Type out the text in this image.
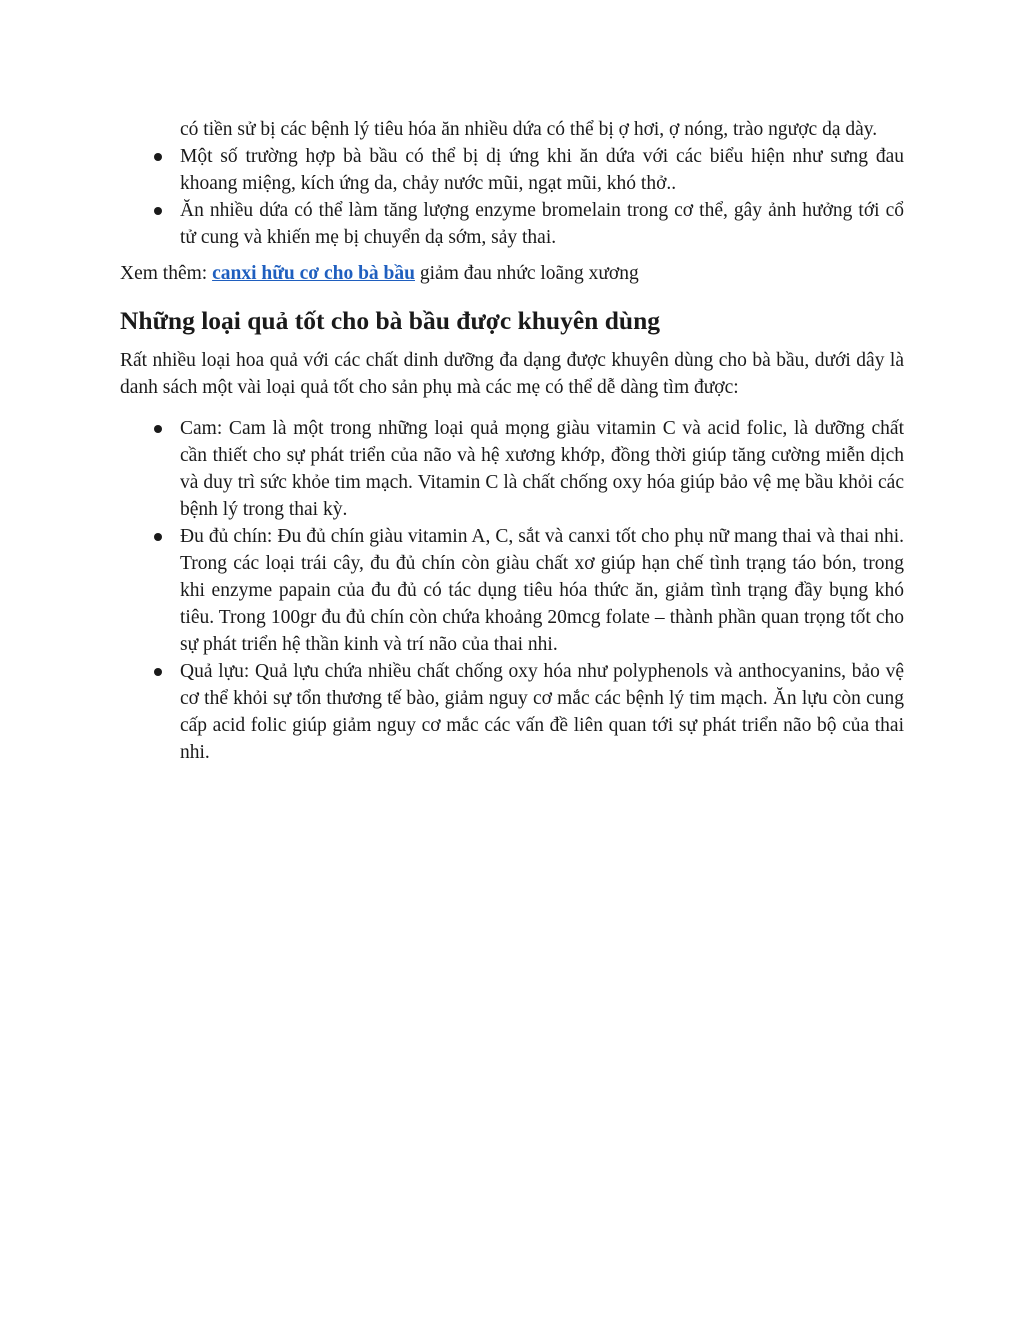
có tiền sử bị các bệnh lý tiêu hóa ăn nhiều dứa có thể bị ợ hơi, ợ nóng, trào ngược dạ dày.
Một số trường hợp bà bầu có thể bị dị ứng khi ăn dứa với các biểu hiện như sưng đau khoang miệng, kích ứng da, chảy nước mũi, ngạt mũi, khó thở..
Ăn nhiều dứa có thể làm tăng lượng enzyme bromelain trong cơ thể, gây ảnh hưởng tới cổ tử cung và khiến mẹ bị chuyển dạ sớm, sảy thai.
Xem thêm: canxi hữu cơ cho bà bầu giảm đau nhức loãng xương
Những loại quả tốt cho bà bầu được khuyên dùng

Rất nhiều loại hoa quả với các chất dinh dưỡng đa dạng được khuyên dùng cho bà bầu, dưới dây là danh sách một vài loại quả tốt cho sản phụ mà các mẹ có thể dễ dàng tìm được:

Cam: Cam là một trong những loại quả mọng giàu vitamin C và acid folic, là dưỡng chất cần thiết cho sự phát triển của não và hệ xương khớp, đồng thời giúp tăng cường miễn dịch và duy trì sức khỏe tim mạch. Vitamin C là chất chống oxy hóa giúp bảo vệ mẹ bầu khỏi các bệnh lý trong thai kỳ.
Đu đủ chín: Đu đủ chín giàu vitamin A, C, sắt và canxi tốt cho phụ nữ mang thai và thai nhi. Trong các loại trái cây, đu đủ chín còn giàu chất xơ giúp hạn chế tình trạng táo bón, trong khi enzyme papain của đu đủ có tác dụng tiêu hóa thức ăn, giảm tình trạng đầy bụng khó tiêu. Trong 100gr đu đủ chín còn chứa khoảng 20mcg folate – thành phần quan trọng tốt cho sự phát triển hệ thần kinh và trí não của thai nhi.
Quả lựu: Quả lựu chứa nhiều chất chống oxy hóa như polyphenols và anthocyanins, bảo vệ cơ thể khỏi sự tổn thương tế bào, giảm nguy cơ mắc các bệnh lý tim mạch. Ăn lựu còn cung cấp acid folic giúp giảm nguy cơ mắc các vấn đề liên quan tới sự phát triển não bộ của thai nhi.
